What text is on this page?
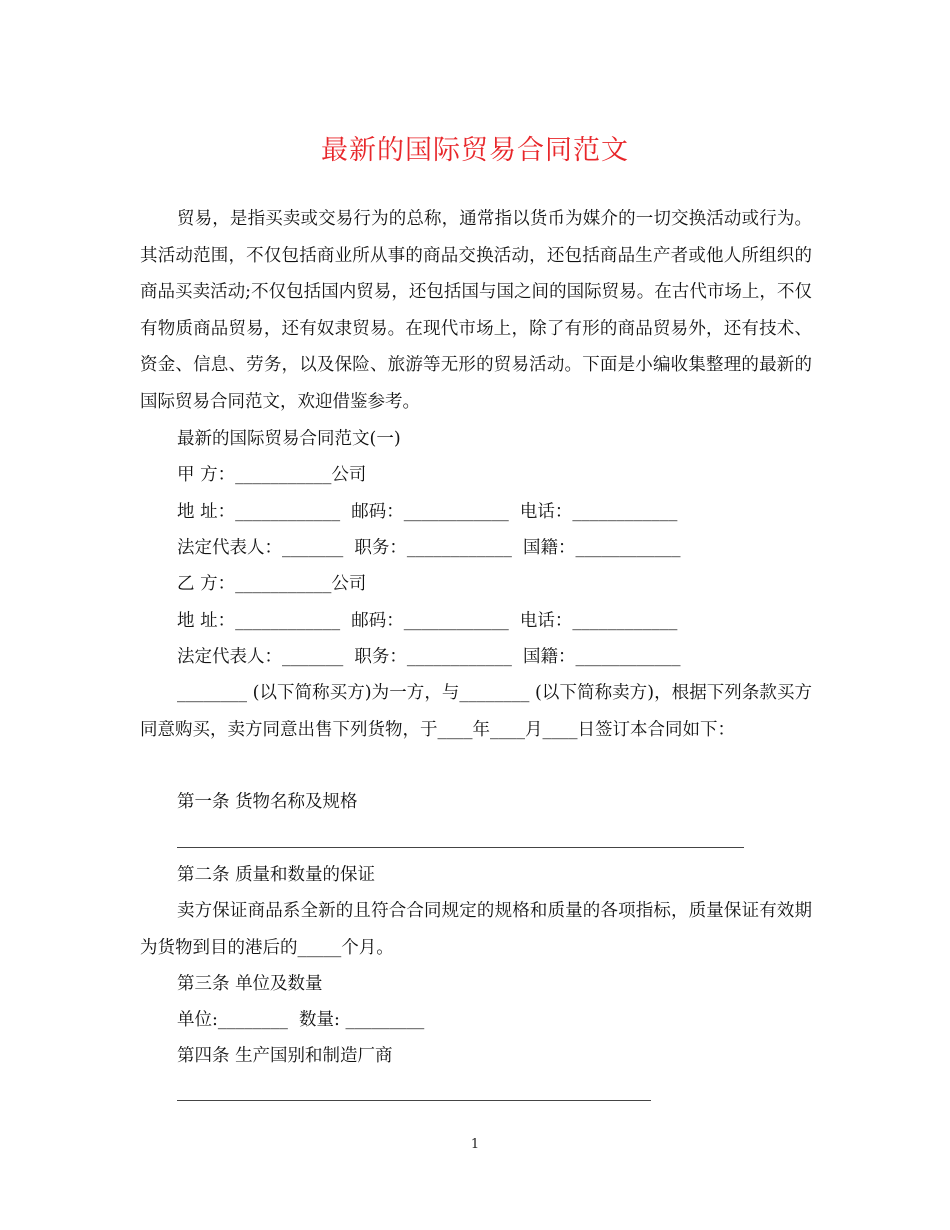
最新的国际贸易合同范文

贸易，是指买卖或交易行为的总称，通常指以货币为媒介的一切交换活动或行为。其活动范围，不仅包括商业所从事的商品交换活动，还包括商品生产者或他人所组织的商品买卖活动;不仅包括国内贸易，还包括国与国之间的国际贸易。在古代市场上，不仅有物质商品贸易，还有奴隶贸易。在现代市场上，除了有形的商品贸易外，还有技术、资金、信息、劳务，以及保险、旅游等无形的贸易活动。下面是小编收集整理的最新的国际贸易合同范文，欢迎借鉴参考。

最新的国际贸易合同范文(一)
甲 方：___________公司
地 址：____________  邮码：____________  电话：____________
法定代表人：_______  职务：____________  国籍：____________
乙 方：___________公司
地 址：____________  邮码：____________  电话：____________
法定代表人：_______  职务：____________  国籍：____________

________ (以下简称买方)为一方，与________ (以下简称卖方)，根据下列条款买方同意购买，卖方同意出售下列货物，于____年____月____日签订本合同如下：

第一条 货物名称及规格
第二条 质量和数量的保证

卖方保证商品系全新的且符合合同规定的规格和质量的各项指标，质量保证有效期为货物到目的港后的_____个月。

第三条 单位及数量
单位:________  数量: _________
第四条 生产国别和制造厂商
1
